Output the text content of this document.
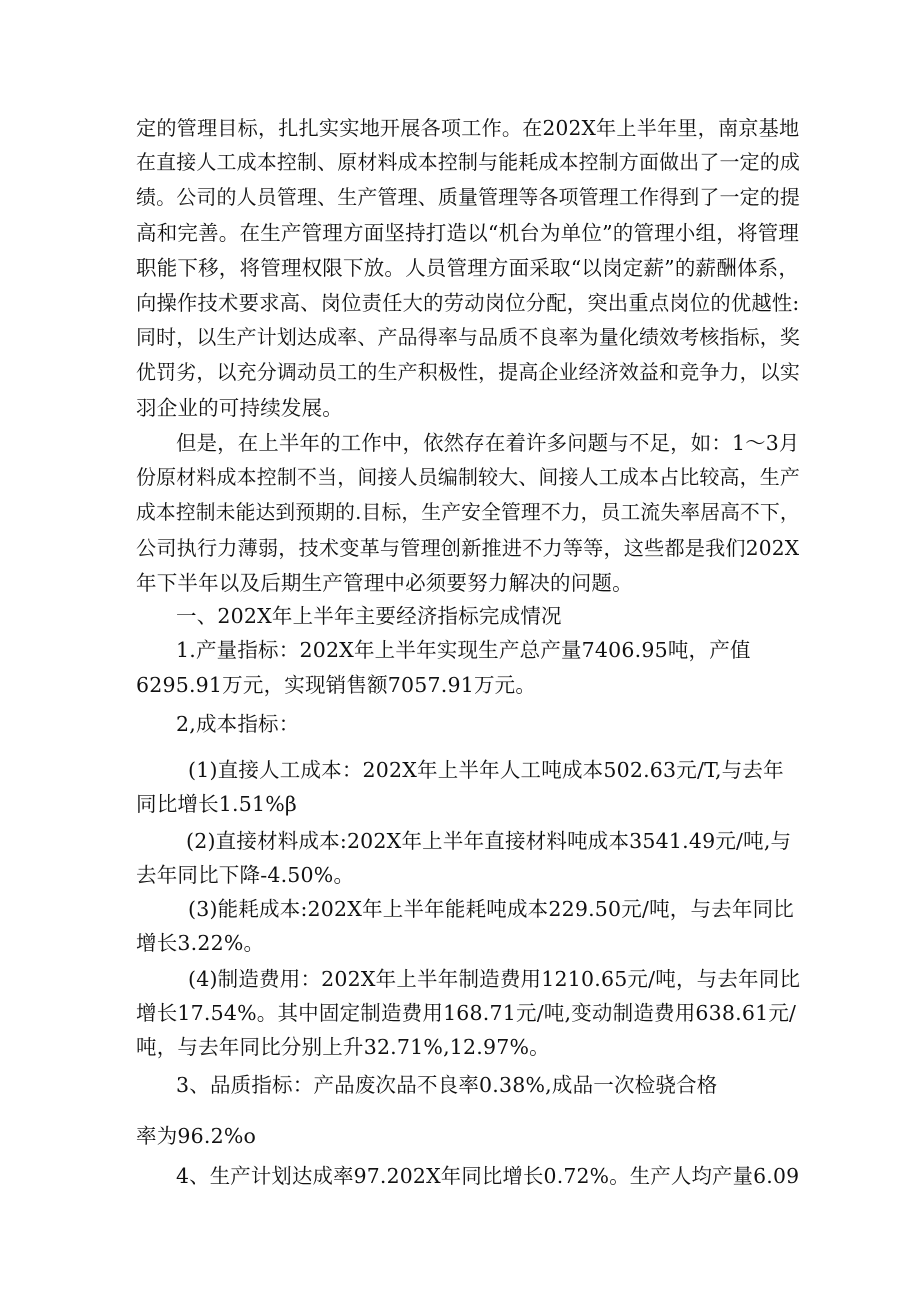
定的管理目标，扎扎实实地开展各项工作。在202X年上半年里，南京基地
在直接人工成本控制、原材料成本控制与能耗成本控制方面做出了一定的成
绩。公司的人员管理、生产管理、质量管理等各项管理工作得到了一定的提
高和完善。在生产管理方面坚持打造以“机台为单位”的管理小组，将管理
职能下移，将管理权限下放。人员管理方面采取“以岗定薪”的薪酬体系，
向操作技术要求高、岗位责任大的劳动岗位分配，突出重点岗位的优越性:
同时，以生产计划达成率、产品得率与品质不良率为量化绩效考核指标，奖
优罚劣，以充分调动员工的生产积极性，提高企业经济效益和竞争力，以实
羽企业的可持续发展。
但是，在上半年的工作中，依然存在着许多问题与不足，如：1～3月
份原材料成本控制不当，间接人员编制较大、间接人工成本占比较高，生产
成本控制未能达到预期的.目标，生产安全管理不力，员工流失率居高不下，
公司执行力薄弱，技术变革与管理创新推进不力等等，这些都是我们202X
年下半年以及后期生产管理中必须要努力解决的问题。
一、202X年上半年主要经济指标完成情况
1.产量指标：202X年上半年实现生产总产量7406.95吨，产值
6295.91万元，实现销售额7057.91万元。
2,成本指标：
(1)直接人工成本：202X年上半年人工吨成本502.63元/T,与去年
同比增长1.51%β
(2)直接材料成本:202X年上半年直接材料吨成本3541.49元/吨,与
去年同比下降-4.50%。
(3)能耗成本:202X年上半年能耗吨成本229.50元/吨，与去年同比
增长3.22%。
(4)制造费用：202X年上半年制造费用1210.65元/吨，与去年同比
增长17.54%。其中固定制造费用168.71元/吨,变动制造费用638.61元/
吨，与去年同比分别上升32.71%,12.97%。
3、品质指标：产品废次品不良率0.38%,成品一次检骁合格
率为96.2%o
4、生产计划达成率97.202X年同比增长0.72%。生产人均产量6.09
